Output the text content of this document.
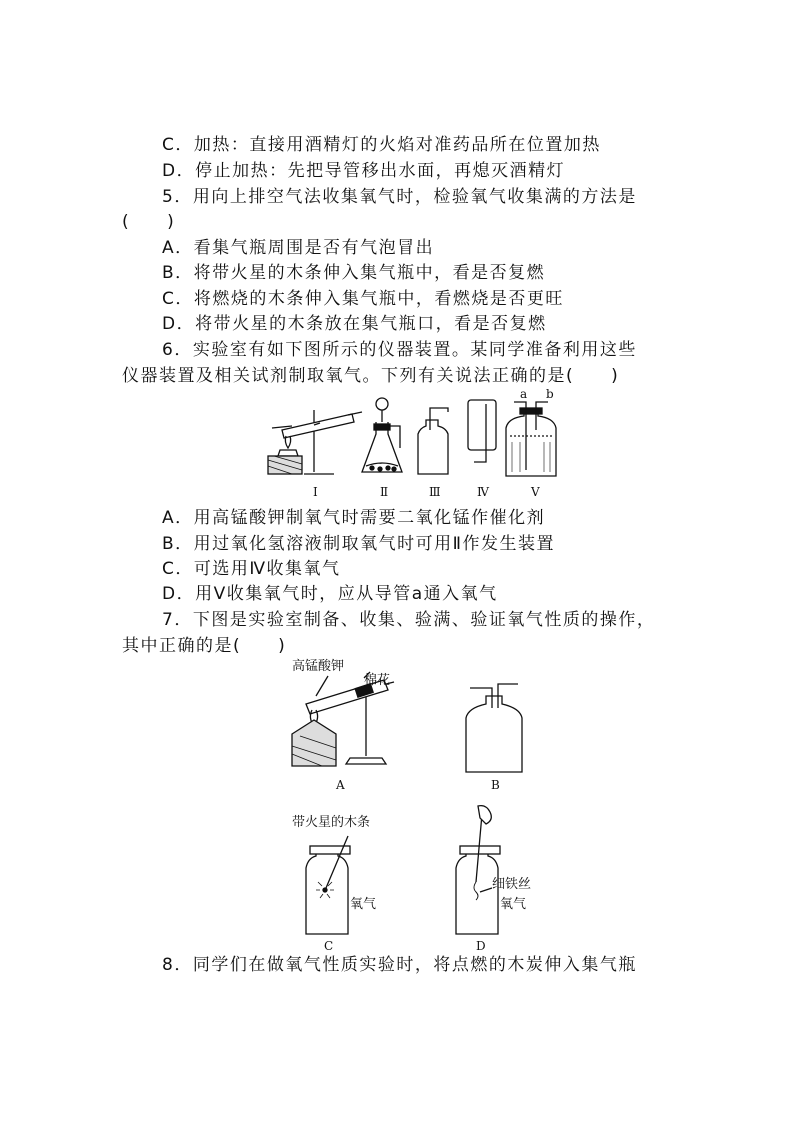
C．加热：直接用酒精灯的火焰对准药品所在位置加热
D．停止加热：先把导管移出水面，再熄灭酒精灯
5．用向上排空气法收集氧气时，检验氧气收集满的方法是
(　　)
A．看集气瓶周围是否有气泡冒出
B．将带火星的木条伸入集气瓶中，看是否复燃
C．将燃烧的木条伸入集气瓶中，看燃烧是否更旺
D．将带火星的木条放在集气瓶口，看是否复燃
6．实验室有如下图所示的仪器装置。某同学准备利用这些
仪器装置及相关试剂制取氧气。下列有关说法正确的是(　　)
a b
Ⅰ	Ⅱ	Ⅲ	Ⅳ	Ⅴ
A．用高锰酸钾制氧气时需要二氧化锰作催化剂
B．用过氧化氢溶液制取氧气时可用Ⅱ作发生装置
C．可选用Ⅳ收集氧气
D．用Ⅴ收集氧气时，应从导管a通入氧气
7．下图是实验室制备、收集、验满、验证氧气性质的操作，
其中正确的是(　　)
高锰酸钾
棉花
A	B
带火星的木条
氧气
C
细铁丝
氧气
D
8．同学们在做氧气性质实验时，将点燃的木炭伸入集气瓶
